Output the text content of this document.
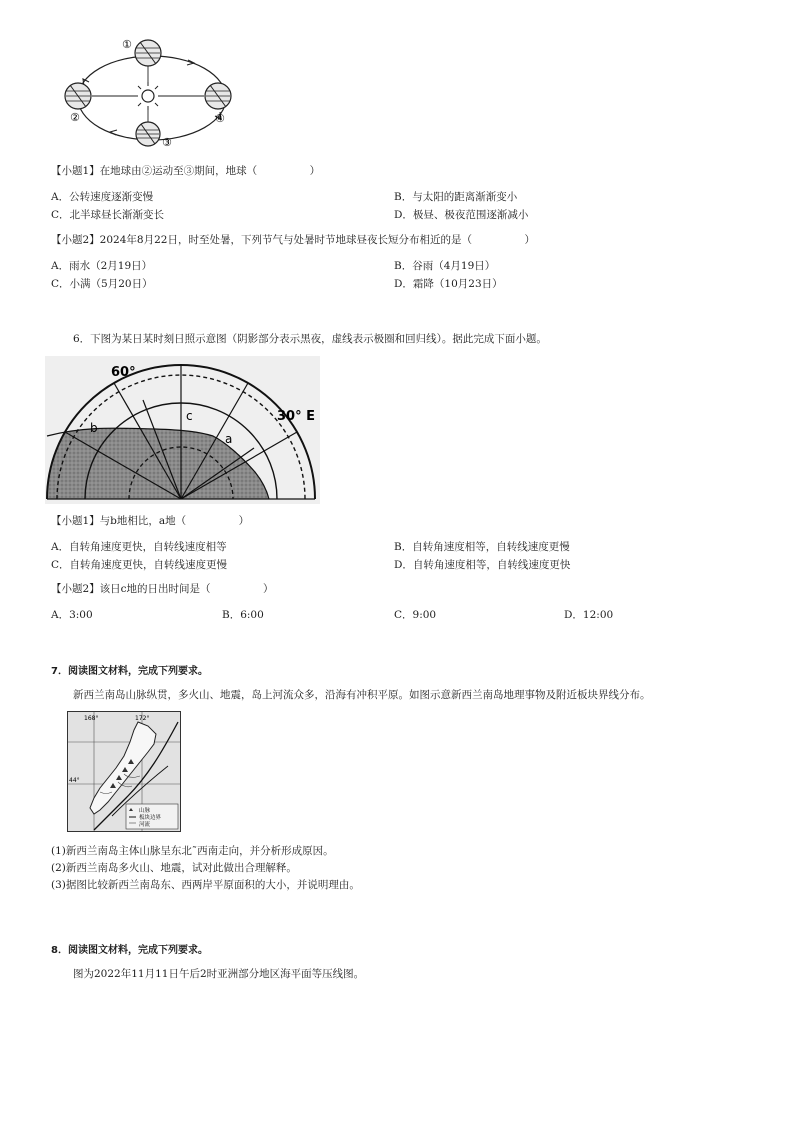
①
②
③
④
【小题1】在地球由②运动至③期间，地球（　　　　　）
A．公转速度逐渐变慢	B．与太阳的距离渐渐变小
C．北半球昼长渐渐变长	D．极昼、极夜范围逐渐减小
【小题2】2024年8月22日，时至处暑，下列节气与处暑时节地球昼夜长短分布相近的是（　　　　　）
A．雨水（2月19日）	B．谷雨（4月19日）
C．小满（5月20日）	D．霜降（10月23日）
6．下图为某日某时刻日照示意图（阴影部分表示黑夜，虚线表示极圈和回归线）。据此完成下面小题。
60°
30° E
a
b
c
【小题1】与b地相比，a地（　　　　　）
A．自转角速度更快，自转线速度相等	B．自转角速度相等，自转线速度更慢
C．自转角速度更快，自转线速度更慢	D．自转角速度相等，自转线速度更快
【小题2】该日c地的日出时间是（　　　　　）
A．3:00	B．6:00	C．9:00	D．12:00
7．阅读图文材料，完成下列要求。
新西兰南岛山脉纵贯，多火山、地震，岛上河流众多，沿海有冲积平原。如图示意新西兰南岛地理事物及附近板块界线分布。
168°	172°
44°
山脉
板块边界
河流
(1)新西兰南岛主体山脉呈东北˜西南走向，并分析形成原因。
(2)新西兰南岛多火山、地震，试对此做出合理解释。
(3)据图比较新西兰南岛东、西两岸平原面积的大小，并说明理由。
8．阅读图文材料，完成下列要求。
图为2022年11月11日午后2时亚洲部分地区海平面等压线图。
